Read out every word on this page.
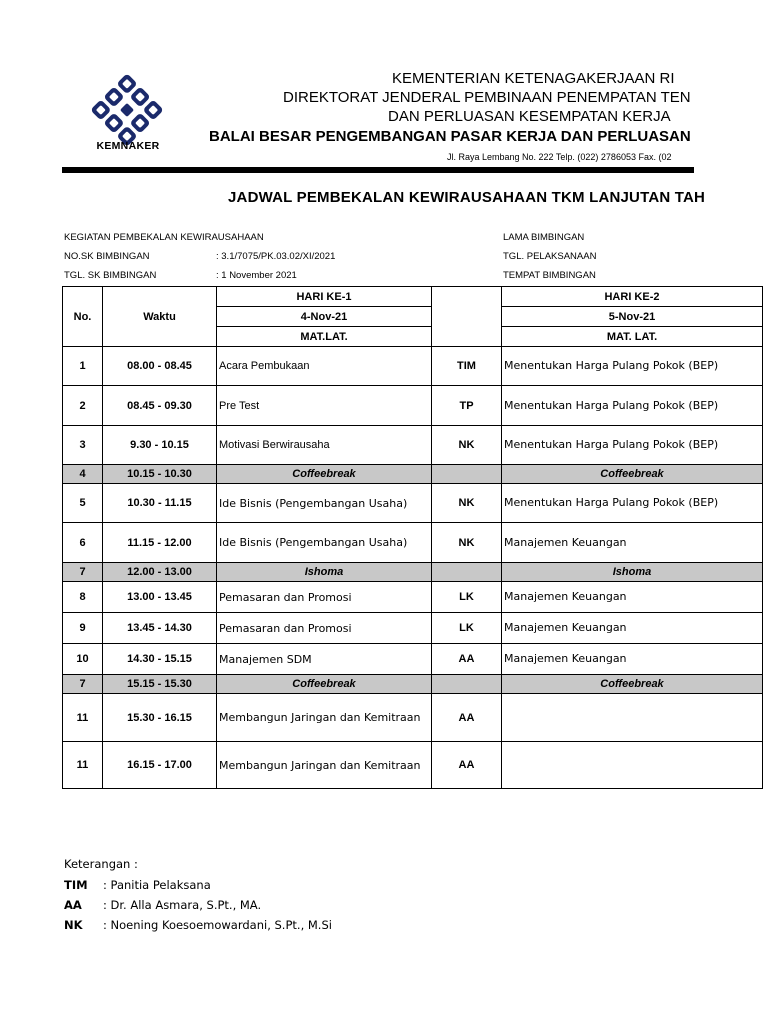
KEMNAKER
KEMENTERIAN KETENAGAKERJAAN RI
DIREKTORAT JENDERAL PEMBINAAN PENEMPATAN TEN
DAN PERLUASAN KESEMPATAN KERJA
BALAI BESAR PENGEMBANGAN PASAR KERJA DAN PERLUASAN
Jl. Raya Lembang No. 222 Telp. (022) 2786053 Fax. (02
JADWAL PEMBEKALAN KEWIRAUSAHAAN TKM LANJUTAN TAH
KEGIATAN PEMBEKALAN KEWIRAUSAHAAN
NO.SK BIMBINGAN	: 3.1/7075/PK.03.02/XI/2021
TGL. SK BIMBINGAN	: 1 November 2021
LAMA BIMBINGAN
TGL. PELAKSANAAN
TEMPAT BIMBINGAN
No.	Waktu	HARI KE-1		HARI KE-2
		4-Nov-21		5-Nov-21
		MAT.LAT.		MAT. LAT.
1	08.00 - 08.45	Acara Pembukaan	TIM	Menentukan Harga Pulang Pokok (BEP)
2	08.45 - 09.30	Pre Test	TP	Menentukan Harga Pulang Pokok (BEP)
3	9.30 - 10.15	Motivasi Berwirausaha	NK	Menentukan Harga Pulang Pokok (BEP)
4	10.15 - 10.30	Coffeebreak		Coffeebreak
5	10.30 - 11.15	Ide Bisnis (Pengembangan Usaha)	NK	Menentukan Harga Pulang Pokok (BEP)
6	11.15 - 12.00	Ide Bisnis (Pengembangan Usaha)	NK	Manajemen Keuangan
7	12.00 - 13.00	Ishoma		Ishoma
8	13.00 - 13.45	Pemasaran dan Promosi	LK	Manajemen Keuangan
9	13.45 - 14.30	Pemasaran dan Promosi	LK	Manajemen Keuangan
10	14.30 - 15.15	Manajemen SDM	AA	Manajemen Keuangan
7	15.15 - 15.30	Coffeebreak		Coffeebreak
11	15.30 - 16.15	Membangun Jaringan dan Kemitraan	AA	
11	16.15 - 17.00	Membangun Jaringan dan Kemitraan	AA	
Keterangan :
TIM : Panitia Pelaksana
AA : Dr. Alla Asmara, S.Pt., MA.
NK : Noening Koesoemowardani, S.Pt., M.Si
